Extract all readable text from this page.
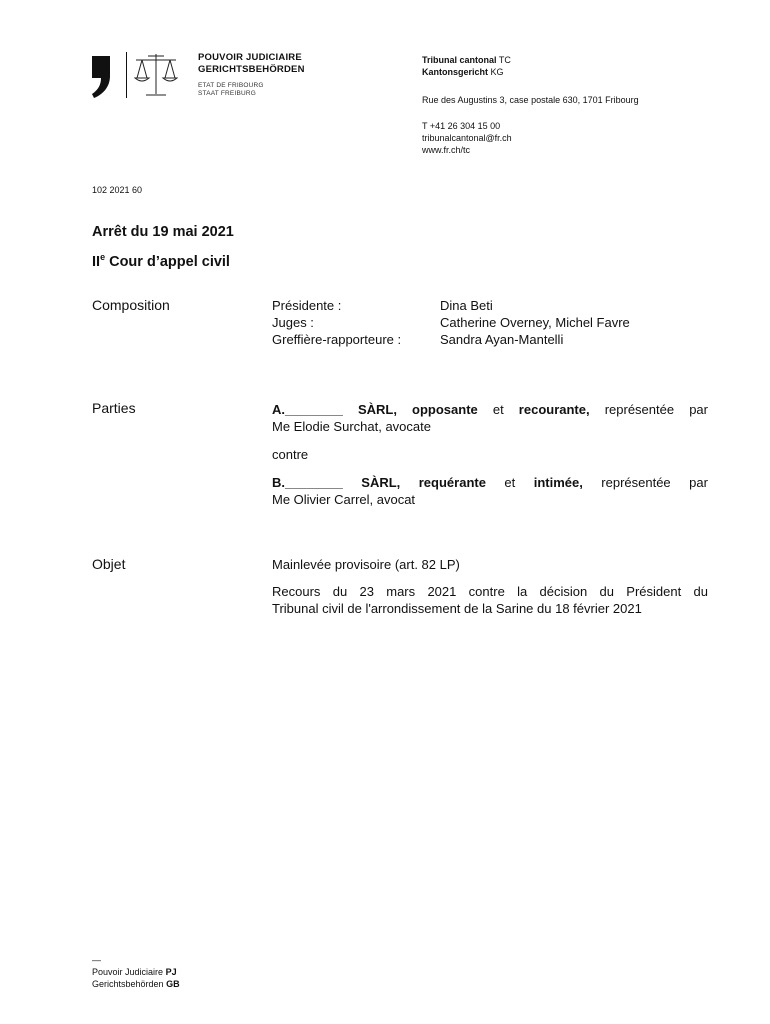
POUVOIR JUDICIAIRE
GERICHTSBEHÖRDEN
ETAT DE FRIBOURG
STAAT FREIBURG
Tribunal cantonal TC
Kantonsgericht KG
Rue des Augustins 3, case postale 630, 1701 Fribourg
T +41 26 304 15 00
tribunalcantonal@fr.ch
www.fr.ch/tc
102 2021 60
Arrêt du 19 mai 2021
IIe Cour d’appel civil
Composition	Présidente :	Dina Beti
Juges :	Catherine Overney, Michel Favre
Greffière-rapporteure :	Sandra Ayan-Mantelli
Parties	A.________ SÀRL, opposante et recourante, représentée par
Me Elodie Surchat, avocate
contre
B.________ SÀRL, requérante et intimée, représentée par
Me Olivier Carrel, avocat
Objet	Mainlevée provisoire (art. 82 LP)
Recours du 23 mars 2021 contre la décision du Président du
Tribunal civil de l'arrondissement de la Sarine du 18 février 2021
—
Pouvoir Judiciaire PJ
Gerichtsbehörden GB
